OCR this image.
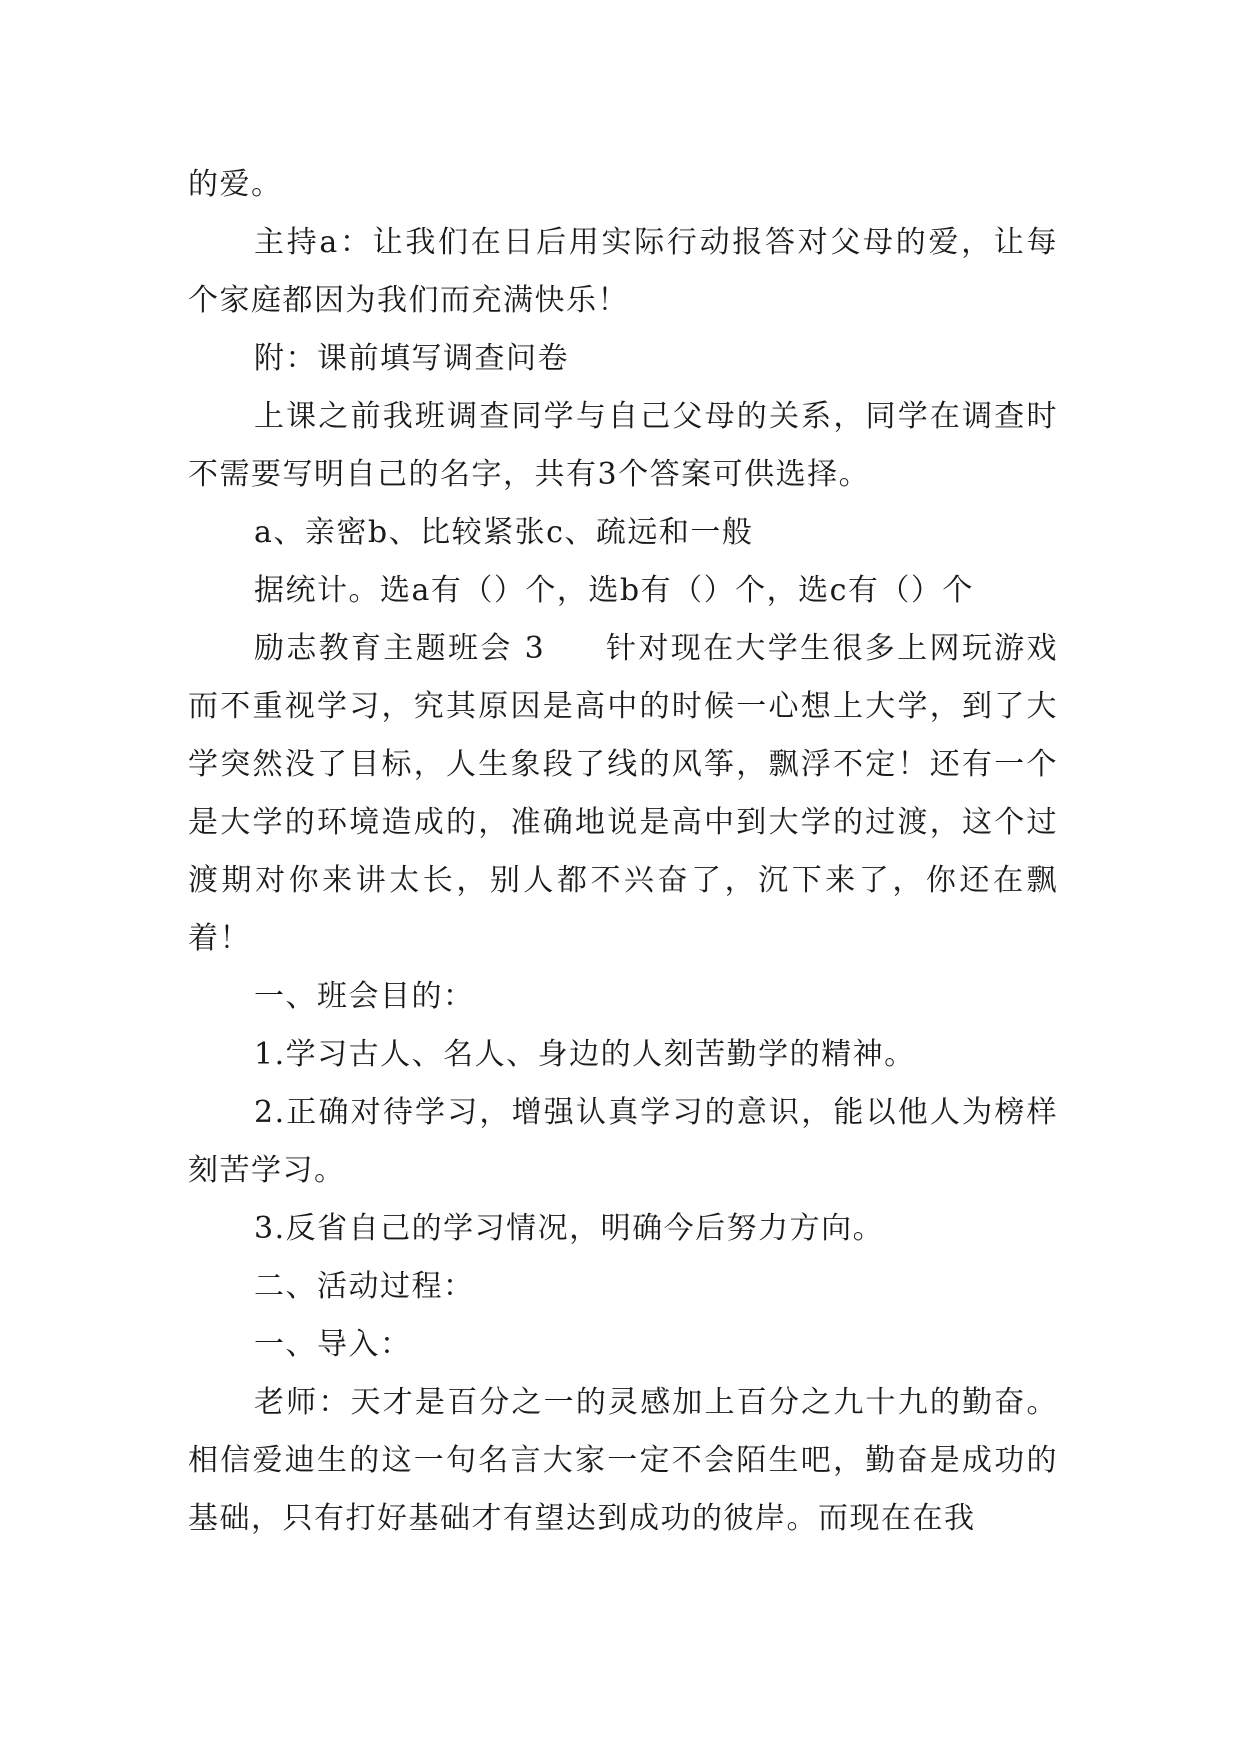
的爱。

主持a：让我们在日后用实际行动报答对父母的爱，让每个家庭都因为我们而充满快乐！

附：课前填写调查问卷

上课之前我班调查同学与自己父母的关系，同学在调查时不需要写明自己的名字，共有3个答案可供选择。

a、亲密b、比较紧张c、疏远和一般

据统计。选a有（）个，选b有（）个，选c有（）个

励志教育主题班会 3 针对现在大学生很多上网玩游戏而不重视学习，究其原因是高中的时候一心想上大学，到了大学突然没了目标，人生象段了线的风筝，飘浮不定！还有一个是大学的环境造成的，准确地说是高中到大学的过渡，这个过渡期对你来讲太长，别人都不兴奋了，沉下来了，你还在飘着！

一、班会目的：

1.学习古人、名人、身边的人刻苦勤学的精神。

2.正确对待学习，增强认真学习的意识，能以他人为榜样刻苦学习。

3.反省自己的学习情况，明确今后努力方向。

二、活动过程：

一、导入：

老师：天才是百分之一的灵感加上百分之九十九的勤奋。相信爱迪生的这一句名言大家一定不会陌生吧，勤奋是成功的基础，只有打好基础才有望达到成功的彼岸。而现在在我
